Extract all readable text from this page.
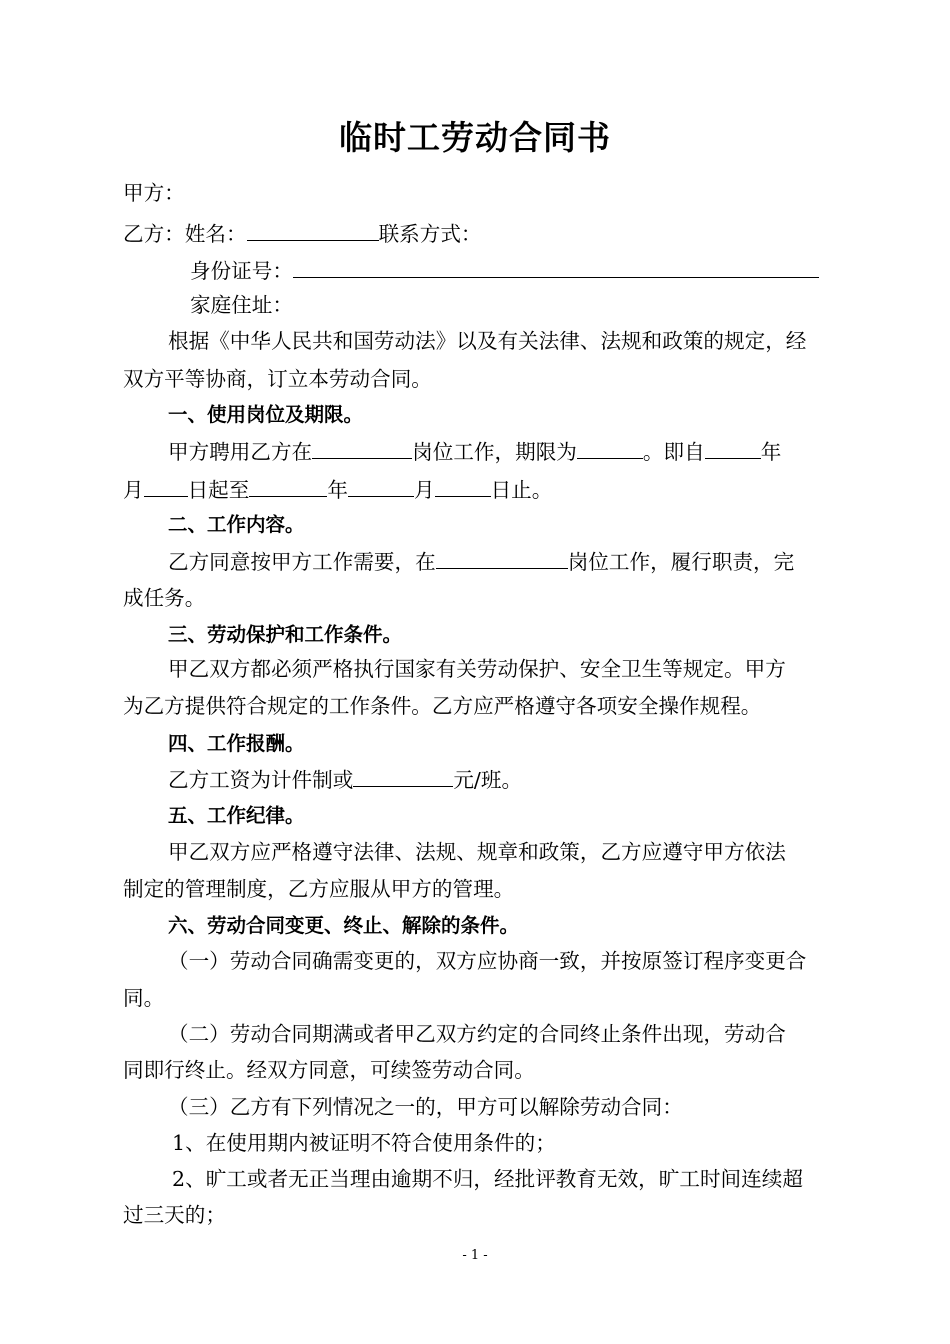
临时工劳动合同书
甲方：
乙方：姓名：	联系方式：
身份证号：
家庭住址：
根据《中华人民共和国劳动法》以及有关法律、法规和政策的规定，经
双方平等协商，订立本劳动合同。
一、使用岗位及期限。
甲方聘用乙方在	岗位工作，期限为	。即自	年
月 日起至	年	月	日止。
二、工作内容。
乙方同意按甲方工作需要，在	岗位工作，履行职责，完
成任务。
三、劳动保护和工作条件。
甲乙双方都必须严格执行国家有关劳动保护、安全卫生等规定。甲方
为乙方提供符合规定的工作条件。乙方应严格遵守各项安全操作规程。
四、工作报酬。
乙方工资为计件制或	元/班。
五、工作纪律。
甲乙双方应严格遵守法律、法规、规章和政策，乙方应遵守甲方依法
制定的管理制度，乙方应服从甲方的管理。
六、劳动合同变更、终止、解除的条件。
（一）劳动合同确需变更的，双方应协商一致，并按原签订程序变更合
同。
（二）劳动合同期满或者甲乙双方约定的合同终止条件出现，劳动合
同即行终止。经双方同意，可续签劳动合同。
（三）乙方有下列情况之一的，甲方可以解除劳动合同：
1、在使用期内被证明不符合使用条件的；
2、旷工或者无正当理由逾期不归，经批评教育无效，旷工时间连续超
过三天的；
- 1 -
